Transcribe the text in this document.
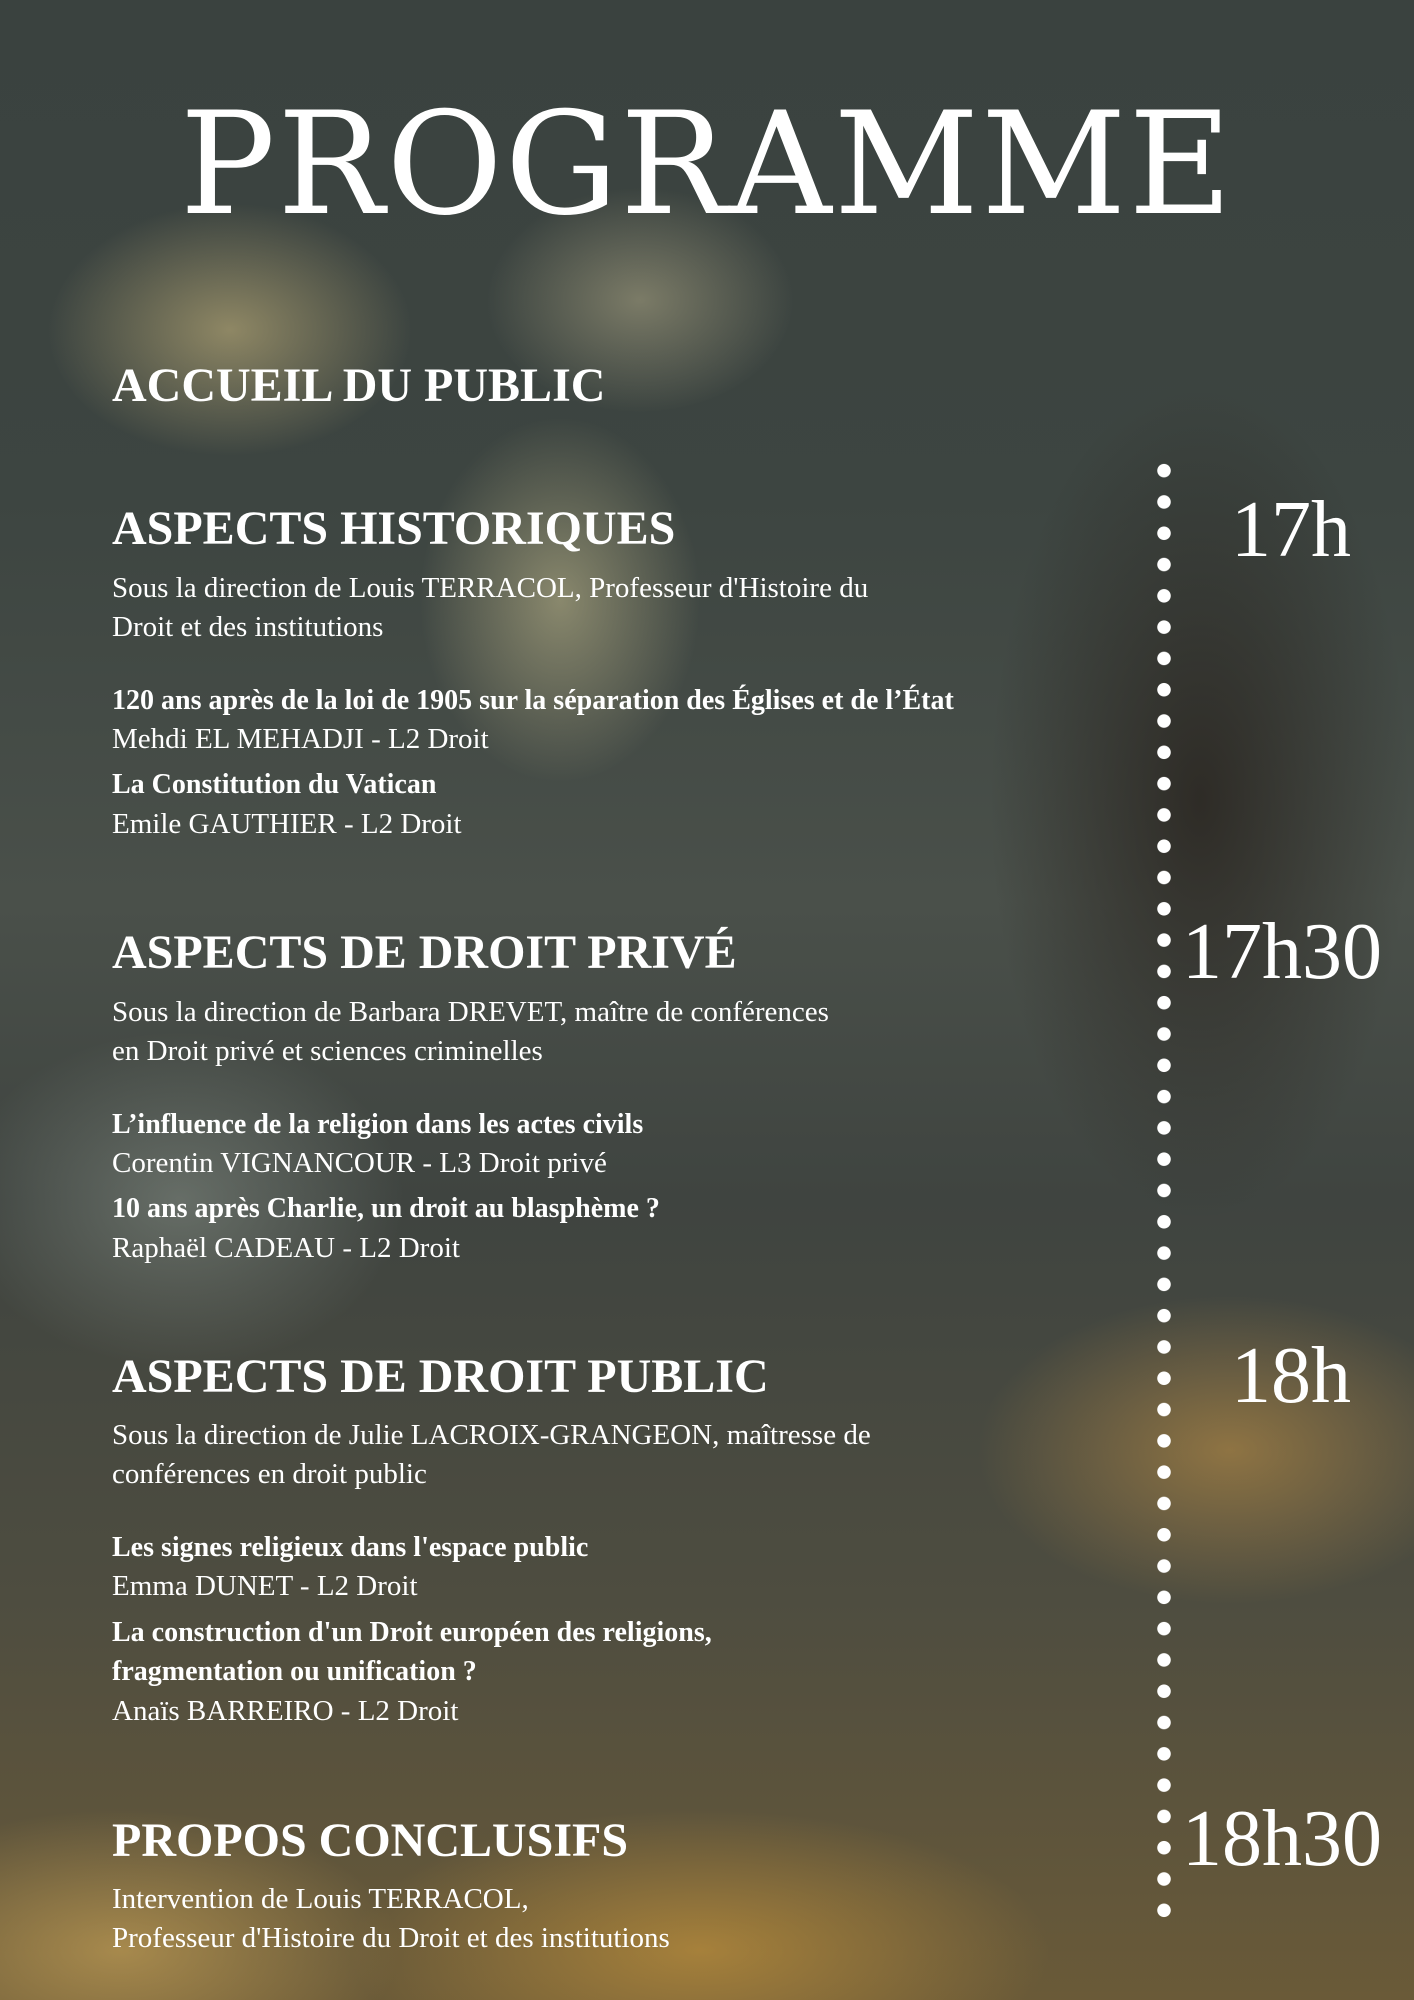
PROGRAMME
ACCUEIL DU PUBLIC
ASPECTS HISTORIQUES	17h
Sous la direction de Louis TERRACOL, Professeur d'Histoire du
Droit et des institutions
120 ans après de la loi de 1905 sur la séparation des Églises et de l’État
Mehdi EL MEHADJI - L2 Droit
La Constitution du Vatican
Emile GAUTHIER - L2 Droit
ASPECTS DE DROIT PRIVÉ	17h30
Sous la direction de Barbara DREVET, maître de conférences
en Droit privé et sciences criminelles
L’influence de la religion dans les actes civils
Corentin VIGNANCOUR - L3 Droit privé
10 ans après Charlie, un droit au blasphème ?
Raphaël CADEAU - L2 Droit
ASPECTS DE DROIT PUBLIC	18h
Sous la direction de Julie LACROIX-GRANGEON, maîtresse de
conférences en droit public
Les signes religieux dans l'espace public
Emma DUNET - L2 Droit
La construction d'un Droit européen des religions,
fragmentation ou unification ?
Anaïs BARREIRO - L2 Droit
PROPOS CONCLUSIFS	18h30
Intervention de Louis TERRACOL,
Professeur d'Histoire du Droit et des institutions
